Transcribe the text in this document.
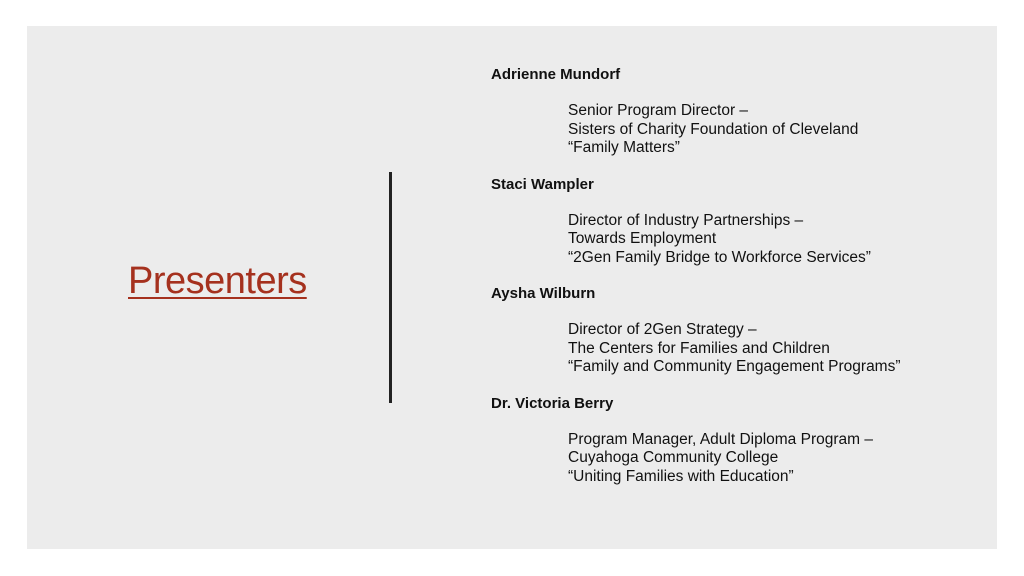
Presenters
Adrienne Mundorf
Senior Program Director –
Sisters of Charity Foundation of Cleveland
“Family Matters”
Staci Wampler
Director of Industry Partnerships –
Towards Employment
“2Gen Family Bridge to Workforce Services”
Aysha Wilburn
Director of 2Gen Strategy –
The Centers for Families and Children
“Family and Community Engagement Programs”
Dr. Victoria Berry
Program Manager, Adult Diploma Program –
Cuyahoga Community College
“Uniting Families with Education”
